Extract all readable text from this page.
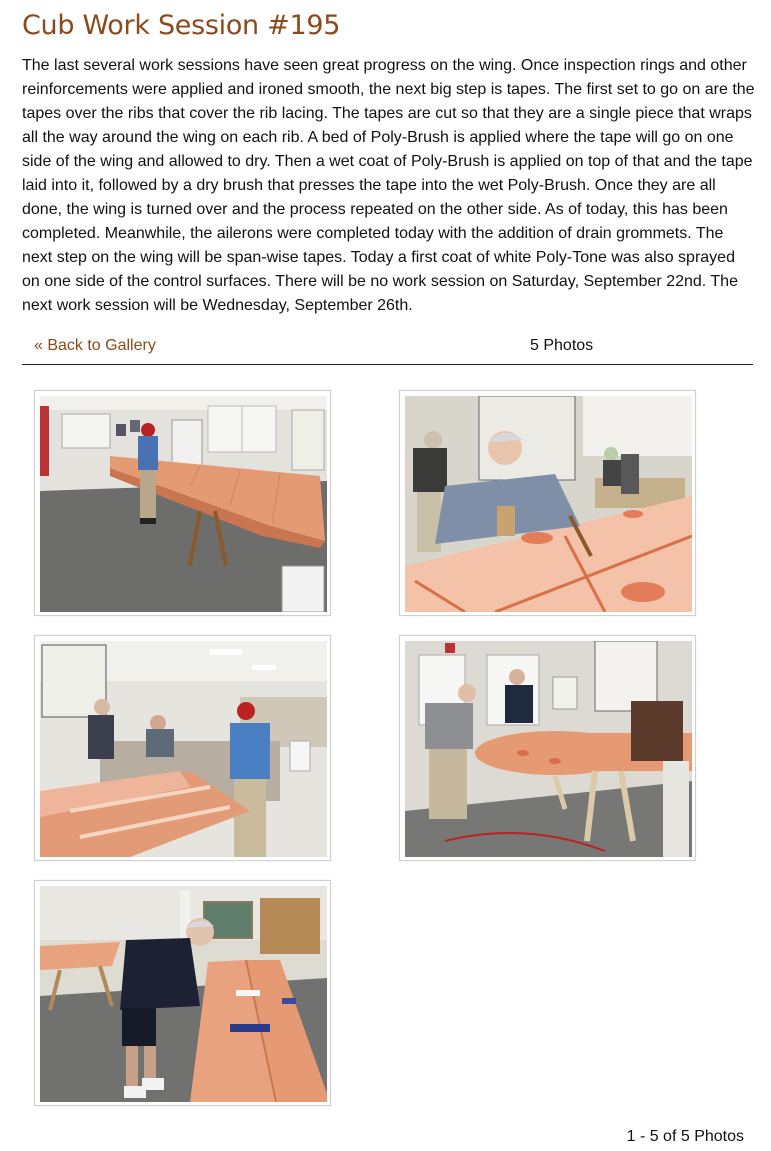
Cub Work Session #195

The last several work sessions have seen great progress on the wing. Once inspection rings and other reinforcements were applied and ironed smooth, the next big step is tapes. The first set to go on are the tapes over the ribs that cover the rib lacing. The tapes are cut so that they are a single piece that wraps all the way around the wing on each rib. A bed of Poly-Brush is applied where the tape will go on one side of the wing and allowed to dry. Then a wet coat of Poly-Brush is applied on top of that and the tape laid into it, followed by a dry brush that presses the tape into the wet Poly-Brush. Once they are all done, the wing is turned over and the process repeated on the other side. As of today, this has been completed. Meanwhile, the ailerons were completed today with the addition of drain grommets. The next step on the wing will be span-wise tapes. Today a first coat of white Poly-Tone was also sprayed on one side of the control surfaces. There will be no work session on Saturday, September 22nd. The next work session will be Wednesday, September 26th.

« Back to Gallery	5 Photos
1 - 5 of 5 Photos
